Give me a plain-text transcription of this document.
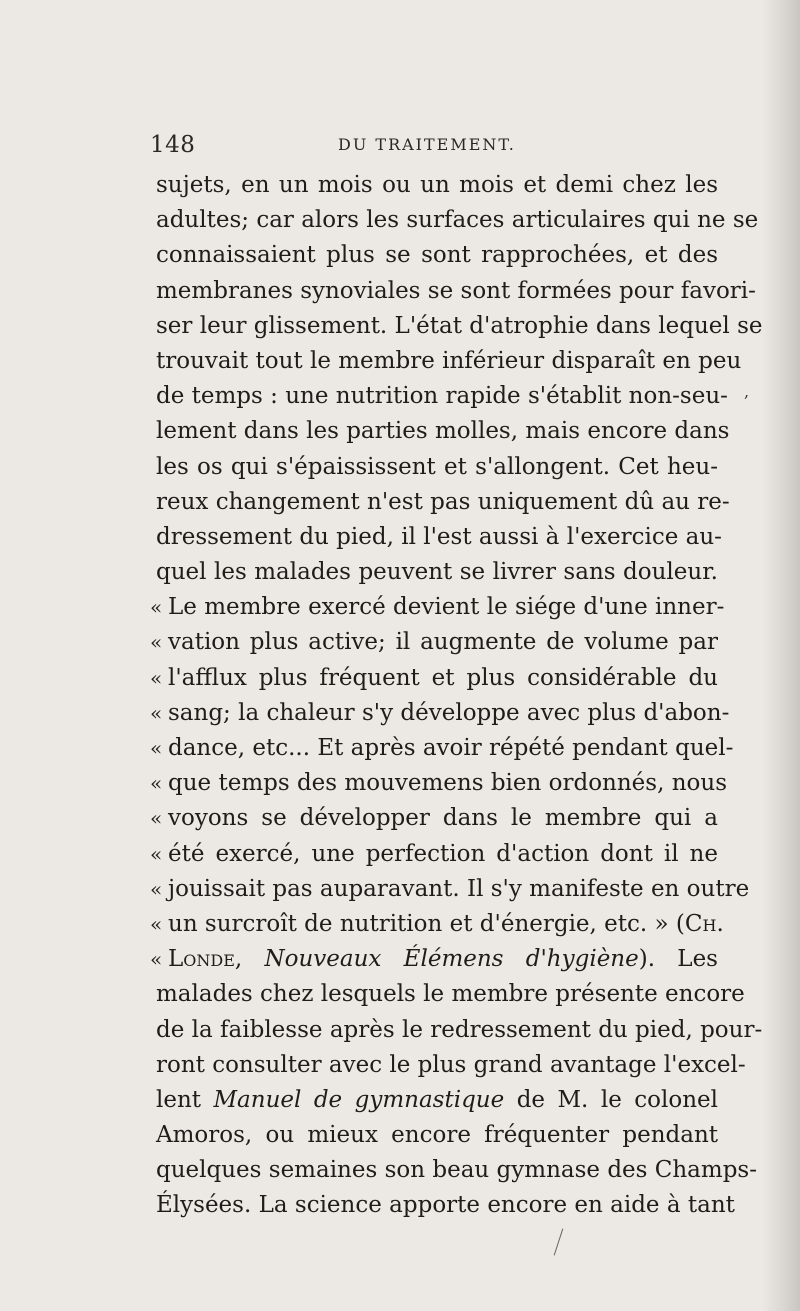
148	DU TRAITEMENT.
sujets, en un mois ou un mois et demi chez les
adultes; car alors les surfaces articulaires qui ne se
connaissaient plus se sont rapprochées, et des
membranes synoviales se sont formées pour favori-
ser leur glissement. L'état d'atrophie dans lequel se
trouvait tout le membre inférieur disparaît en peu
de temps : une nutrition rapide s'établit non-seu-
lement dans les parties molles, mais encore dans
les os qui s'épaississent et s'allongent. Cet heu-
reux changement n'est pas uniquement dû au re-
dressement du pied, il l'est aussi à l'exercice au-
quel les malades peuvent se livrer sans douleur.
« Le membre exercé devient le siége d'une inner-
« vation plus active; il augmente de volume par
« l'afflux plus fréquent et plus considérable du
« sang; la chaleur s'y développe avec plus d'abon-
« dance, etc... Et après avoir répété pendant quel-
« que temps des mouvemens bien ordonnés, nous
« voyons se développer dans le membre qui a
« été exercé, une perfection d'action dont il ne
« jouissait pas auparavant. Il s'y manifeste en outre
« un surcroît de nutrition et d'énergie, etc. » (Ch.
« Londe, Nouveaux Élémens d'hygiène). Les
malades chez lesquels le membre présente encore
de la faiblesse après le redressement du pied, pour-
ront consulter avec le plus grand avantage l'excel-
lent Manuel de gymnastique de M. le colonel
Amoros, ou mieux encore fréquenter pendant
quelques semaines son beau gymnase des Champs-
Élysées. La science apporte encore en aide à tant
,
